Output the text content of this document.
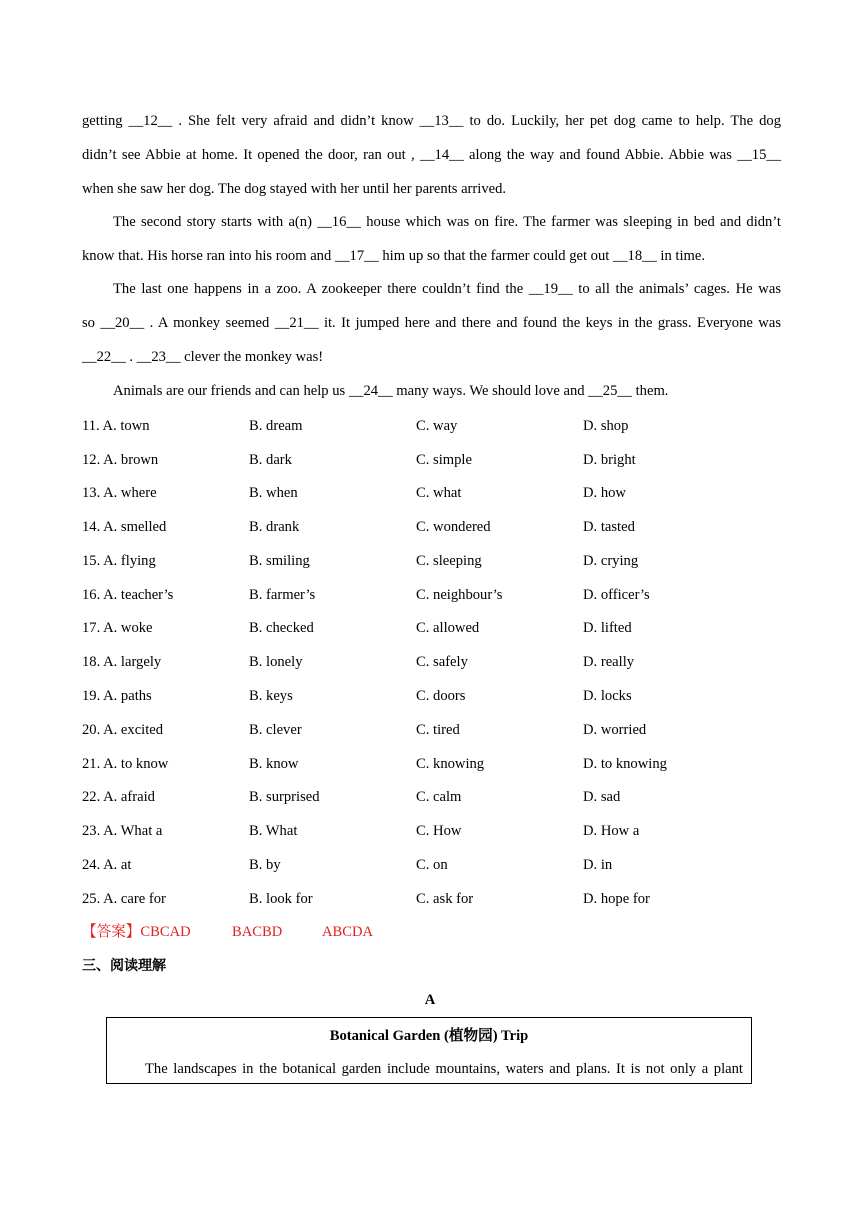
getting __12__ . She felt very afraid and didn’t know __13__ to do. Luckily, her pet dog came to help. The dog
didn’t see Abbie at home. It opened the door, ran out , __14__ along the way and found Abbie. Abbie was __15__
when she saw her dog. The dog stayed with her until her parents arrived.
The second story starts with a(n) __16__ house which was on fire. The farmer was sleeping in bed and didn’t
know that. His horse ran into his room and __17__ him up so that the farmer could get out __18__ in time.
The last one happens in a zoo. A zookeeper there couldn’t find the __19__ to all the animals’ cages. He was
so __20__ . A monkey seemed __21__ it. It jumped here and there and found the keys in the grass. Everyone was
__22__ . __23__ clever the monkey was!
Animals are our friends and can help us __24__ many ways. We should love and __25__ them.
11. A. town	B. dream	C. way	D. shop
12. A. brown	B. dark	C. simple	D. bright
13. A. where	B. when	C. what	D. how
14. A. smelled	B. drank	C. wondered	D. tasted
15. A. flying	B. smiling	C. sleeping	D. crying
16. A. teacher’s	B. farmer’s	C. neighbour’s	D. officer’s
17. A. woke	B. checked	C. allowed	D. lifted
18. A. largely	B. lonely	C. safely	D. really
19. A. paths	B. keys	C. doors	D. locks
20. A. excited	B. clever	C. tired	D. worried
21. A. to know	B. know	C. knowing	D. to knowing
22. A. afraid	B. surprised	C. calm	D. sad
23. A. What a	B. What	C. How	D. How a
24. A. at	B. by	C. on	D. in
25. A. care for	B. look for	C. ask for	D. hope for
【答案】CBCAD	BACBD	ABCDA
三、阅读理解
A
Botanical Garden (植物园) Trip
The landscapes in the botanical garden include mountains, waters and plans. It is not only a plant
